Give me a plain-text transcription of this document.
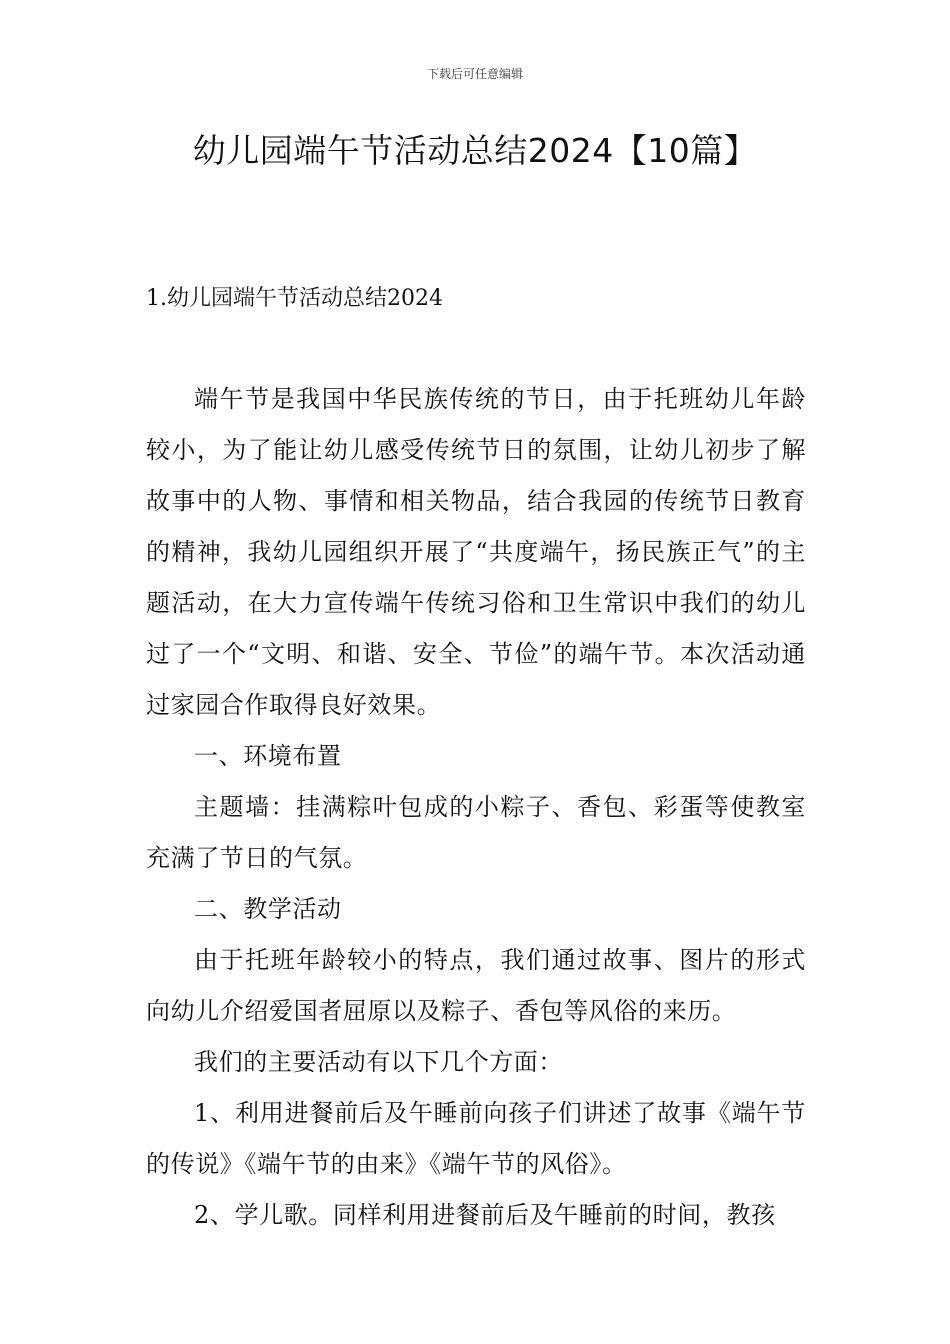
下载后可任意编辑
幼儿园端午节活动总结2024【10篇】
1.幼儿园端午节活动总结2024

端午节是我国中华民族传统的节日，由于托班幼儿年龄较小，为了能让幼儿感受传统节日的氛围，让幼儿初步了解故事中的人物、事情和相关物品，结合我园的传统节日教育的精神，我幼儿园组织开展了“共度端午，扬民族正气”的主题活动，在大力宣传端午传统习俗和卫生常识中我们的幼儿过了一个“文明、和谐、安全、节俭”的端午节。本次活动通过家园合作取得良好效果。

一、环境布置

主题墙：挂满粽叶包成的小粽子、香包、彩蛋等使教室充满了节日的气氛。

二、教学活动

由于托班年龄较小的特点，我们通过故事、图片的形式向幼儿介绍爱国者屈原以及粽子、香包等风俗的来历。

我们的主要活动有以下几个方面：

1、利用进餐前后及午睡前向孩子们讲述了故事《端午节的传说》《端午节的由来》《端午节的风俗》。

2、学儿歌。同样利用进餐前后及午睡前的时间，教孩
